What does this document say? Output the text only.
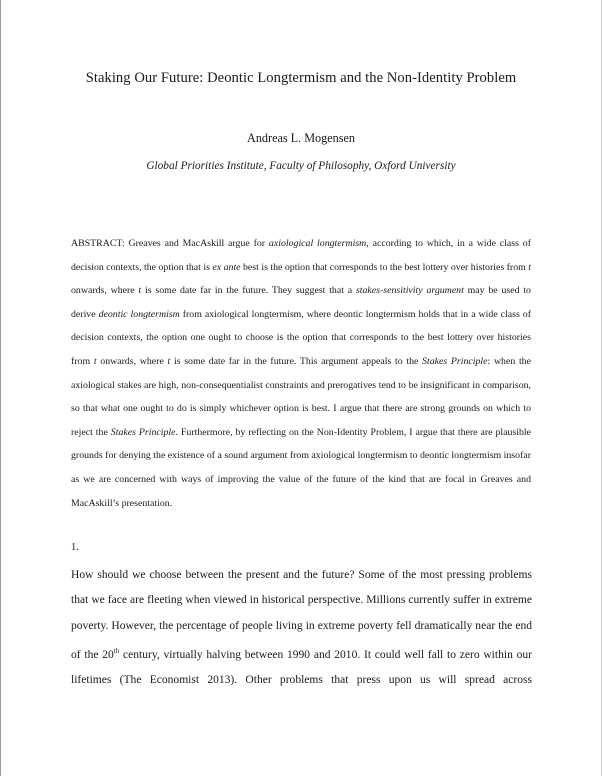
Staking Our Future: Deontic Longtermism and the Non-Identity Problem
Andreas L. Mogensen
Global Priorities Institute, Faculty of Philosophy, Oxford University
ABSTRACT: Greaves and MacAskill argue for axiological longtermism, according to which, in a wide class of decision contexts, the option that is ex ante best is the option that corresponds to the best lottery over histories from t onwards, where t is some date far in the future. They suggest that a stakes-sensitivity argument may be used to derive deontic longtermism from axiological longtermism, where deontic longtermism holds that in a wide class of decision contexts, the option one ought to choose is the option that corresponds to the best lottery over histories from t onwards, where t is some date far in the future. This argument appeals to the Stakes Principle: when the axiological stakes are high, non-consequentialist constraints and prerogatives tend to be insignificant in comparison, so that what one ought to do is simply whichever option is best. I argue that there are strong grounds on which to reject the Stakes Principle. Furthermore, by reflecting on the Non-Identity Problem, I argue that there are plausible grounds for denying the existence of a sound argument from axiological longtermism to deontic longtermism insofar as we are concerned with ways of improving the value of the future of the kind that are focal in Greaves and MacAskill’s presentation.
1.
How should we choose between the present and the future? Some of the most pressing problems that we face are fleeting when viewed in historical perspective. Millions currently suffer in extreme poverty. However, the percentage of people living in extreme poverty fell dramatically near the end of the 20th century, virtually halving between 1990 and 2010. It could well fall to zero within our lifetimes (The Economist 2013). Other problems that press upon us will spread across
